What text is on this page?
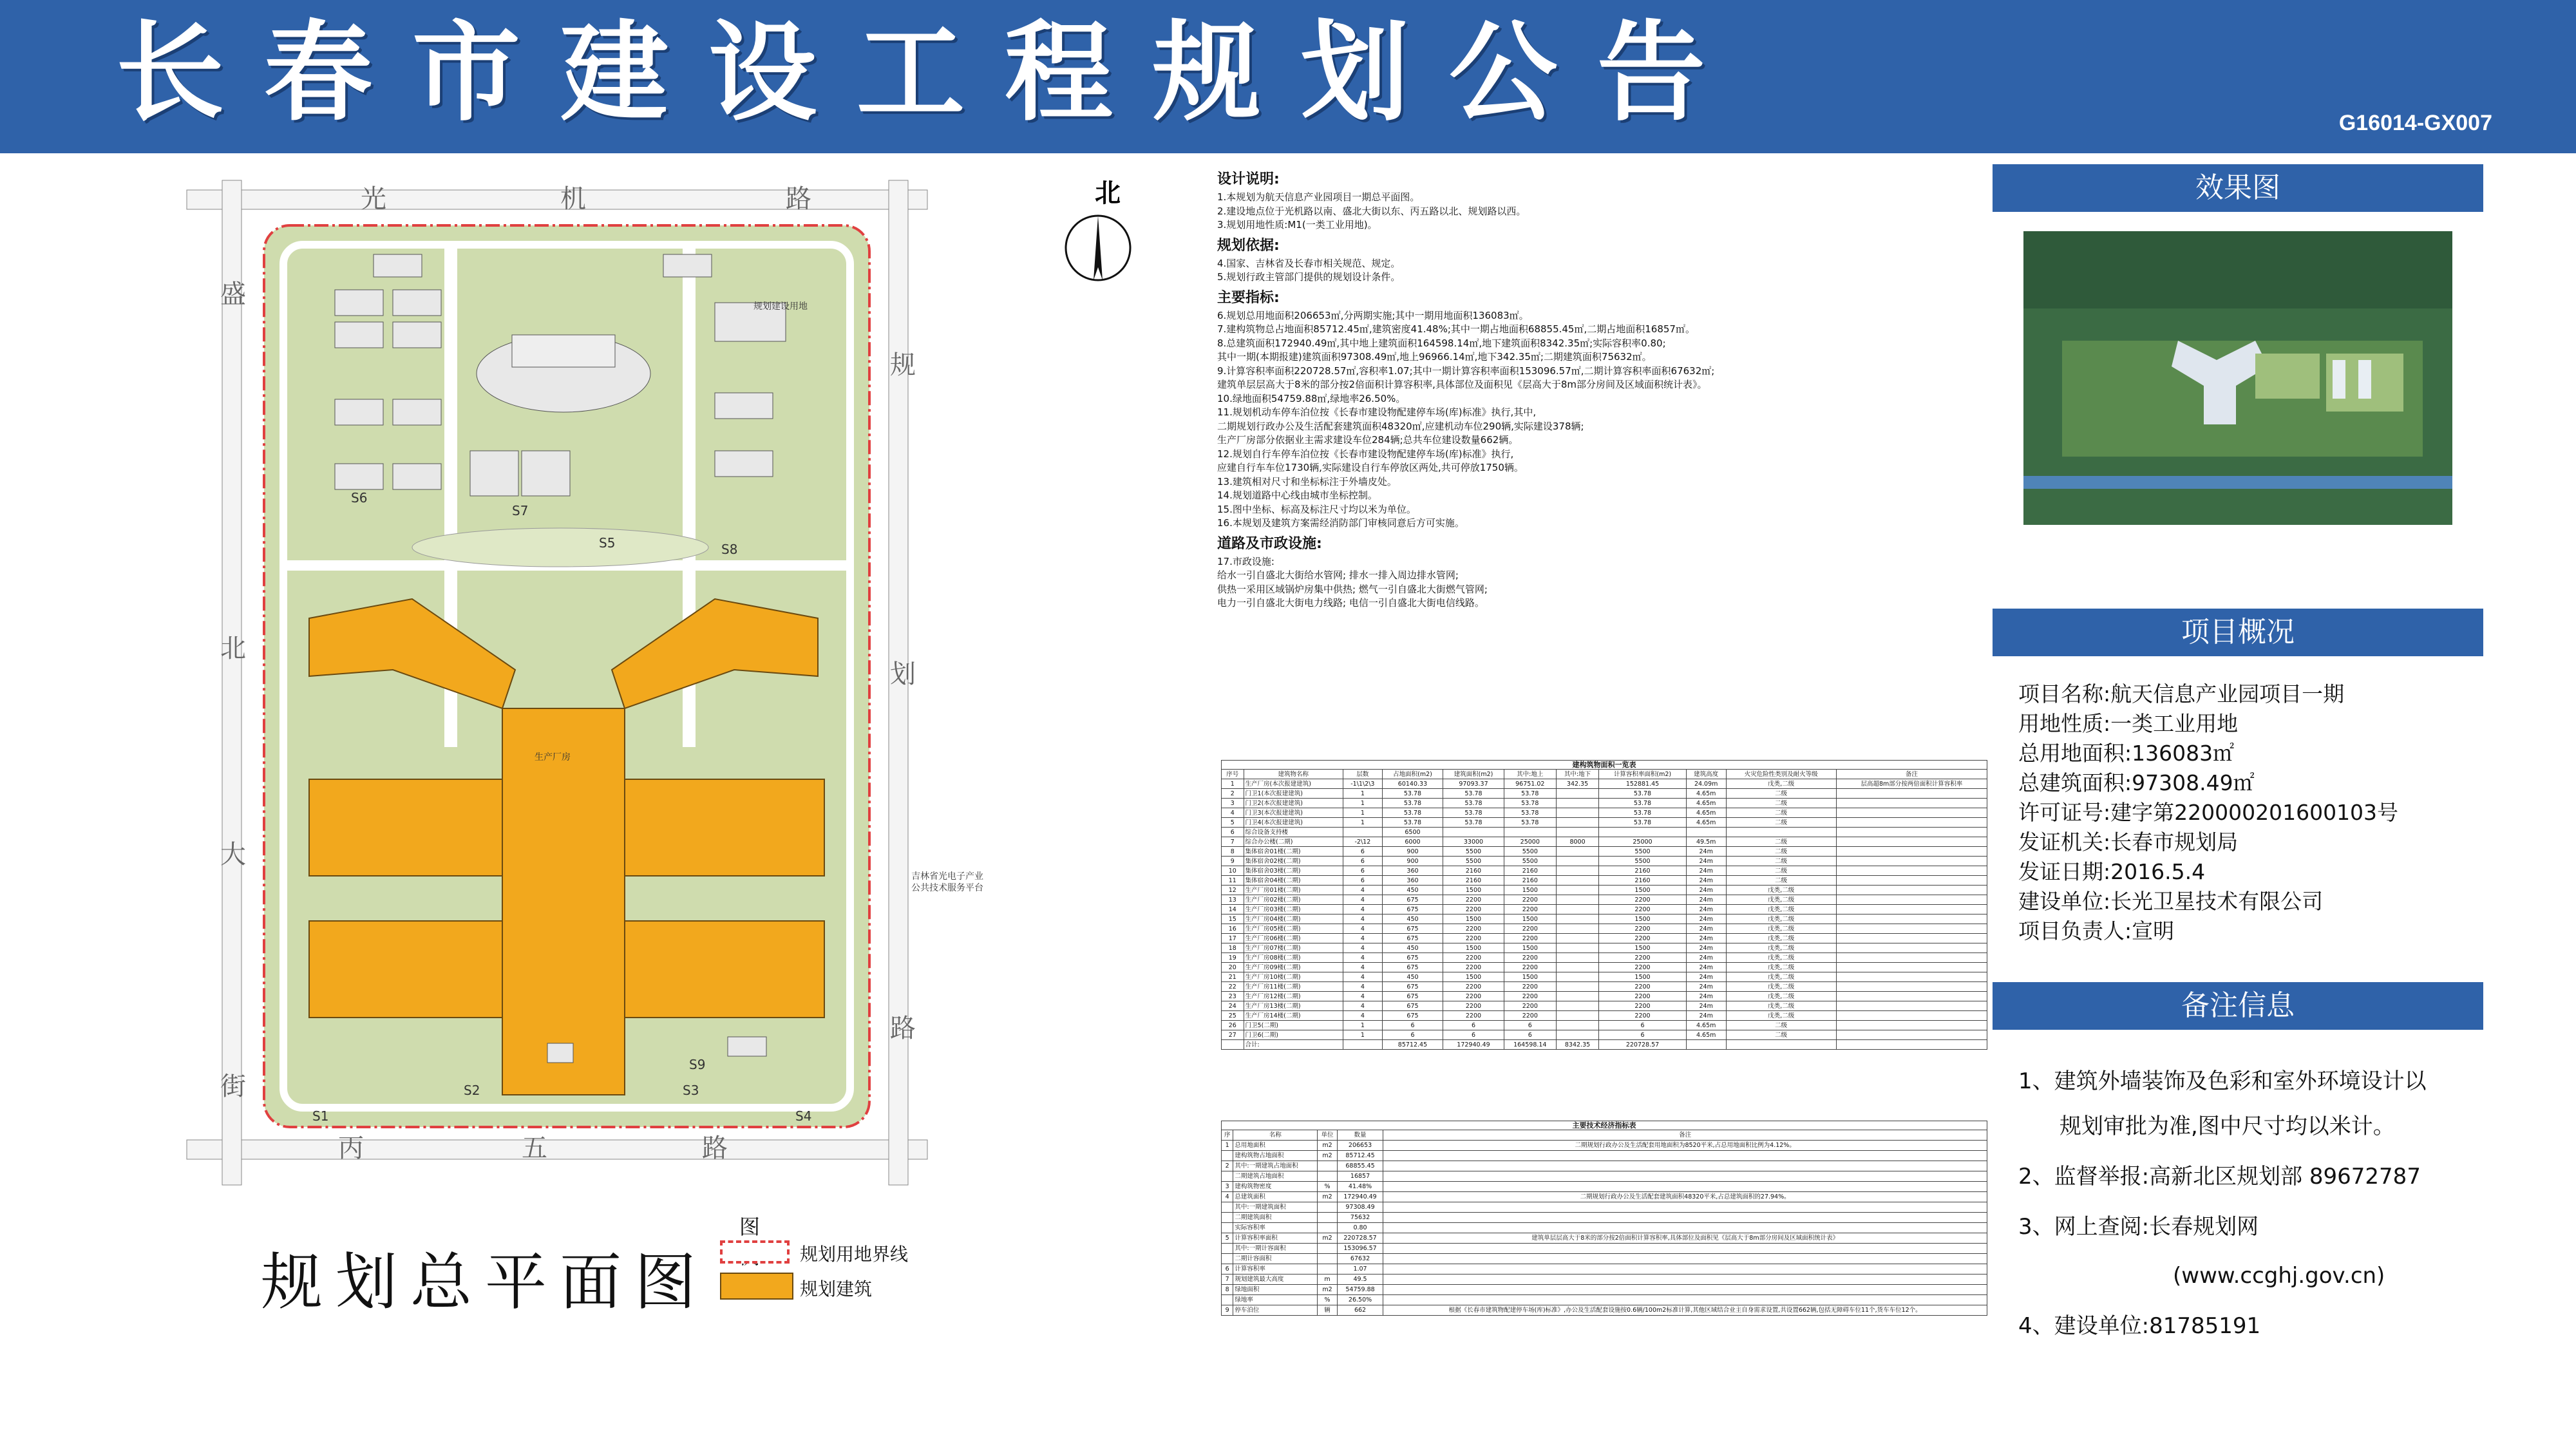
长春市建设工程规划公告	G16014-GX007
S1
S2	S3
S4
S5
S6
S7
S8
S9
光	机	路
盛
北
大
街
规
划
路
丙	五	路
规划建设用地
生产厂房
吉林省光电子产业
公共技术服务平台
北	设计说明:
1.本规划为航天信息产业园项目一期总平面图。
2.建设地点位于光机路以南、盛北大街以东、丙五路以北、规划路以西。
3.规划用地性质:M1(一类工业用地)。
规划依据:
4.国家、吉林省及长春市相关规范、规定。
5.规划行政主管部门提供的规划设计条件。
主要指标:
6.规划总用地面积206653㎡,分两期实施;其中一期用地面积136083㎡。
7.建构筑物总占地面积85712.45㎡,建筑密度41.48%;其中一期占地面积68855.45㎡,二期占地面积16857㎡。
8.总建筑面积172940.49㎡,其中地上建筑面积164598.14㎡,地下建筑面积8342.35㎡;实际容积率0.80;
其中一期(本期报建)建筑面积97308.49㎡,地上96966.14㎡,地下342.35㎡;二期建筑面积75632㎡。
9.计算容积率面积220728.57㎡,容积率1.07;其中一期计算容积率面积153096.57㎡,二期计算容积率面积67632㎡;
建筑单层层高大于8米的部分按2倍面积计算容积率,具体部位及面积见《层高大于8m部分房间及区域面积统计表》。
10.绿地面积54759.88㎡,绿地率26.50%。
11.规划机动车停车泊位按《长春市建设物配建停车场(库)标准》执行,其中,
二期规划行政办公及生活配套建筑面积48320㎡,应建机动车位290辆,实际建设378辆;
生产厂房部分依据业主需求建设车位284辆;总共车位建设数量662辆。
12.规划自行车停车泊位按《长春市建设物配建停车场(库)标准》执行,
应建自行车车位1730辆,实际建设自行车停放区两处,共可停放1750辆。
13.建筑相对尺寸和坐标标注于外墙皮处。
14.规划道路中心线由城市坐标控制。
15.图中坐标、标高及标注尺寸均以米为单位。
16.本规划及建筑方案需经消防部门审核同意后方可实施。
道路及市政设施:
17.市政设施:
给水一引自盛北大街给水管网; 排水一排入周边排水管网;
供热一采用区域锅炉房集中供热; 燃气一引自盛北大街燃气管网;
电力一引自盛北大街电力线路; 电信一引自盛北大街电信线路。
建构筑物面积一览表										
序号	建筑物名称	层数	占地面积(m2)	建筑面积(m2)	其中:地上	其中:地下	计算容积率面积(m2)	建筑高度	火灾危险性类别及耐火等级	备注
1	生产厂房(本次报建建筑)	-1\1\2\3	60140.33	97093.37	96751.02	342.35	152881.45	24.09m	戊类,二级	层高超8m部分按两倍面积计算容积率
2	门卫1(本次报建建筑)	1	53.78	53.78	53.78		53.78	4.65m	二级	
3	门卫2(本次报建建筑)	1	53.78	53.78	53.78		53.78	4.65m	二级	
4	门卫3(本次报建建筑)	1	53.78	53.78	53.78		53.78	4.65m	二级	
5	门卫4(本次报建建筑)	1	53.78	53.78	53.78		53.78	4.65m	二级	
6	综合设备支持楼		6500							
7	综合办公楼(二期)	-2\12	6000	33000	25000	8000	25000	49.5m	二级	
8	集体宿舍01楼(二期)	6	900	5500	5500		5500	24m	二级	
9	集体宿舍02楼(二期)	6	900	5500	5500		5500	24m	二级	
10	集体宿舍03楼(二期)	6	360	2160	2160		2160	24m	二级	
11	集体宿舍04楼(二期)	6	360	2160	2160		2160	24m	二级	
12	生产厂房01楼(二期)	4	450	1500	1500		1500	24m	戊类,二级	
13	生产厂房02楼(二期)	4	675	2200	2200		2200	24m	戊类,二级	
14	生产厂房03楼(二期)	4	675	2200	2200		2200	24m	戊类,二级	
15	生产厂房04楼(二期)	4	450	1500	1500		1500	24m	戊类,二级	
16	生产厂房05楼(二期)	4	675	2200	2200		2200	24m	戊类,二级	
17	生产厂房06楼(二期)	4	675	2200	2200		2200	24m	戊类,二级	
18	生产厂房07楼(二期)	4	450	1500	1500		1500	24m	戊类,二级	
19	生产厂房08楼(二期)	4	675	2200	2200		2200	24m	戊类,二级	
20	生产厂房09楼(二期)	4	675	2200	2200		2200	24m	戊类,二级	
21	生产厂房10楼(二期)	4	450	1500	1500		1500	24m	戊类,二级	
22	生产厂房11楼(二期)	4	675	2200	2200		2200	24m	戊类,二级	
23	生产厂房12楼(二期)	4	675	2200	2200		2200	24m	戊类,二级	
24	生产厂房13楼(二期)	4	675	2200	2200		2200	24m	戊类,二级	
25	生产厂房14楼(二期)	4	675	2200	2200		2200	24m	戊类,二级	
26	门卫5(二期)	1	6	6	6		6	4.65m	二级	
27	门卫6(二期)	1	6	6	6		6	4.65m	二级	
	合计:		85712.45	172940.49	164598.14	8342.35	220728.57			
主要技术经济指标表				
序	名称	单位	数量	备注
1	总用地面积	m2	206653	二期规划行政办公及生活配套用地面积为8520平米,占总用地面积比例为4.12%。
	建构筑物占地面积	m2	85712.45	
2	其中:一期建筑占地面积		68855.45	
	二期建筑占地面积		16857	
3	建构筑物密度	%	41.48%	
4	总建筑面积	m2	172940.49	二期规划行政办公及生活配套建筑面积48320平米,占总建筑面积的27.94%。
	其中:一期建筑面积		97308.49	
	二期建筑面积		75632	
	实际容积率		0.80	
5	计算容积率面积	m2	220728.57	建筑单层层高大于8米的部分按2倍面积计算容积率,具体部位及面积见《层高大于8m部分房间及区域面积统计表》
	其中:一期计容面积		153096.57	
	二期计容面积		67632	
6	计算容积率		1.07	
7	规划建筑最大高度	m	49.5	
8	绿地面积	m2	54759.88	
	绿地率	%	26.50%	
9	停车泊位	辆	662	根据《长春市建筑物配建停车场(库)标准》,办公及生活配套设施按0.6辆/100m2标准计算,其他区域结合业主自身需求设置,共设置662辆,包括无障碍车位11个,货车车位12个。
规划总平面图
图
规划用地界线
规划建筑
效果图
项目概况
项目名称:航天信息产业园项目一期
用地性质:一类工业用地
总用地面积:136083㎡
总建筑面积:97308.49㎡
许可证号:建字第220000201600103号
发证机关:长春市规划局
发证日期:2016.5.4
建设单位:长光卫星技术有限公司
项目负责人:宣明
备注信息
1、建筑外墙装饰及色彩和室外环境设计以
规划审批为准,图中尺寸均以米计。
2、监督举报:高新北区规划部 89672787
3、网上查阅:长春规划网
(www.ccghj.gov.cn)
4、建设单位:81785191
